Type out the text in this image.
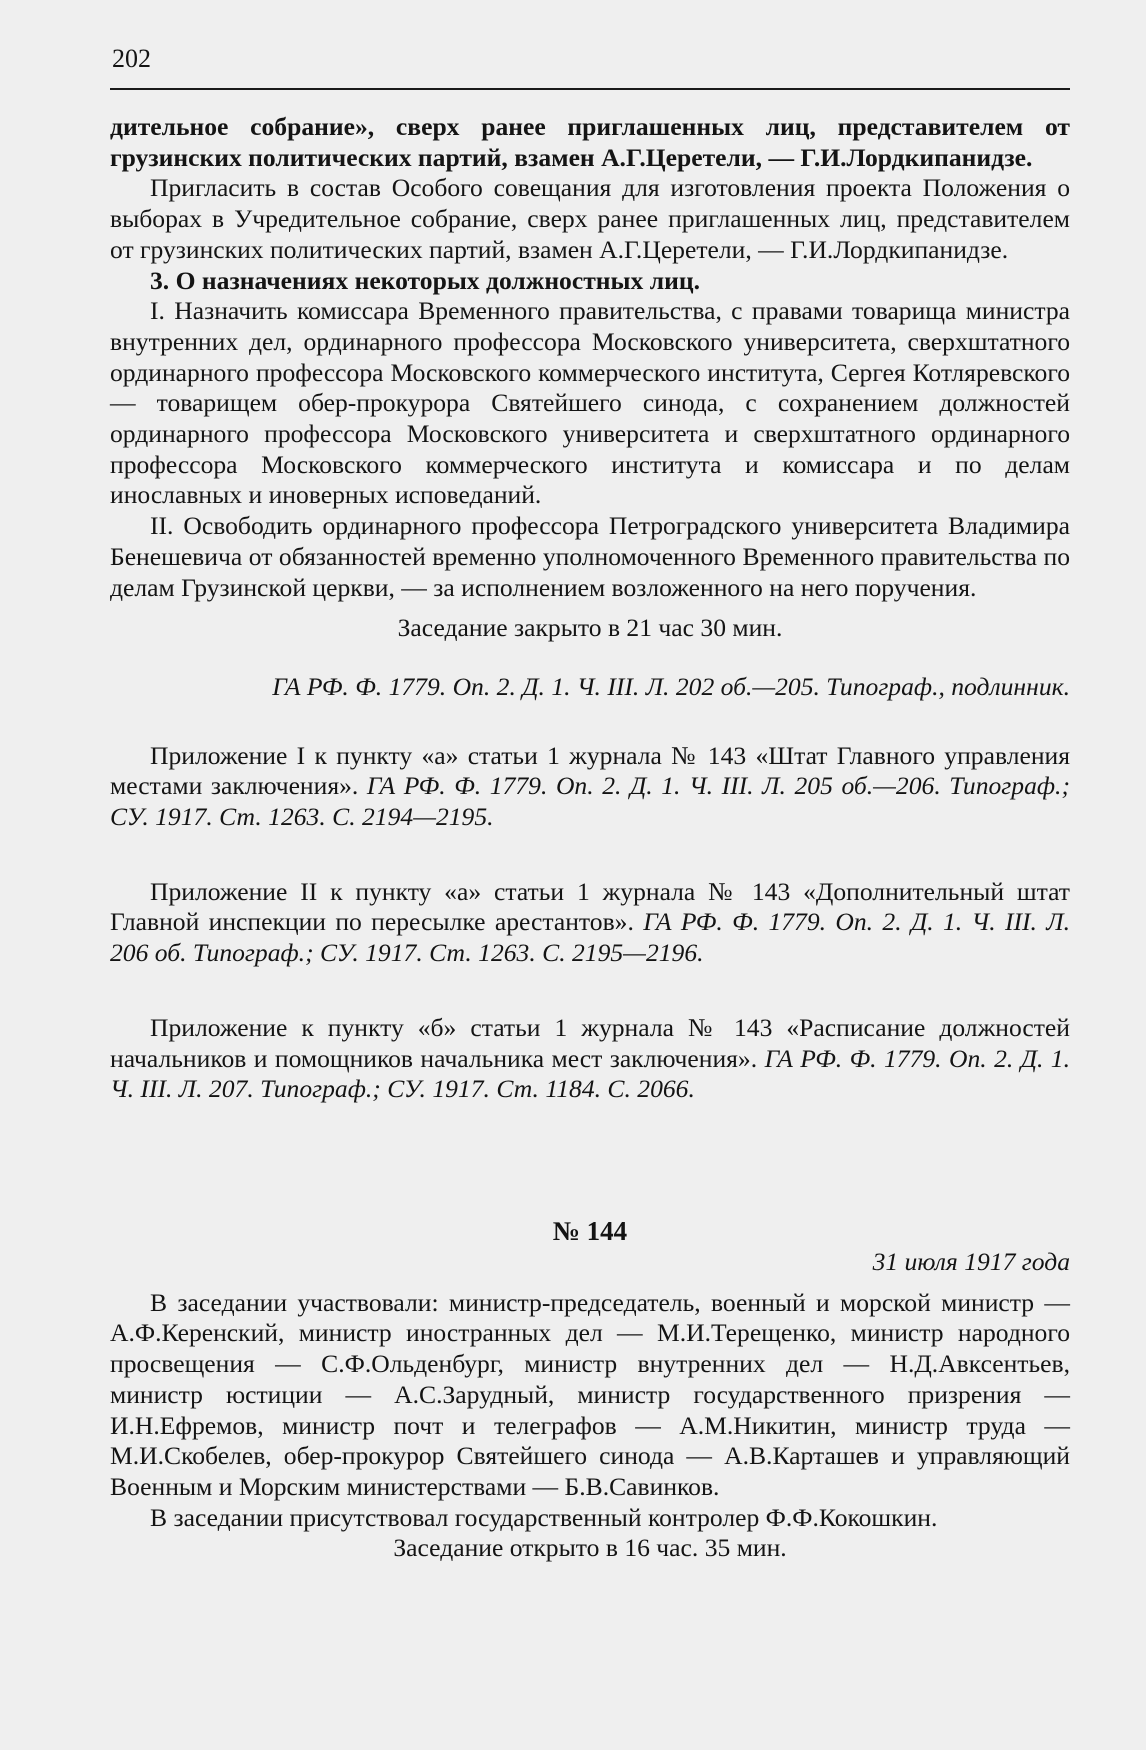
202

дительное собрание», сверх ранее приглашенных лиц, представителем от грузинских политических партий, взамен А.Г.Церетели, — Г.И.Лордкипанидзе.

Пригласить в состав Особого совещания для изготовления проекта Положения о выборах в Учредительное собрание, сверх ранее приглашенных лиц, представителем от грузинских политических партий, взамен А.Г.Церетели, — Г.И.Лордкипанидзе.

3. О назначениях некоторых должностных лиц.

I. Назначить комиссара Временного правительства, с правами товарища министра внутренних дел, ординарного профессора Московского университета, сверхштатного ординарного профессора Московского коммерческого института, Сергея Котляревского — товарищем обер-прокурора Святейшего синода, с сохранением должностей ординарного профессора Московского университета и сверхштатного ординарного профессора Московского коммерческого института и комиссара и по делам инославных и иноверных исповеданий.

II. Освободить ординарного профессора Петроградского университета Владимира Бенешевича от обязанностей временно уполномоченного Временного правительства по делам Грузинской церкви, — за исполнением возложенного на него поручения.

Заседание закрыто в 21 час 30 мин.

ГА РФ. Ф. 1779. Оп. 2. Д. 1. Ч. III. Л. 202 об.—205. Типограф., подлинник.

Приложение I к пункту «а» статьи 1 журнала № 143 «Штат Главного управления местами заключения». ГА РФ. Ф. 1779. Оп. 2. Д. 1. Ч. III. Л. 205 об.—206. Типограф.; СУ. 1917. Ст. 1263. С. 2194—2195.

Приложение II к пункту «а» статьи 1 журнала № 143 «Дополнительный штат Главной инспекции по пересылке арестантов». ГА РФ. Ф. 1779. Оп. 2. Д. 1. Ч. III. Л. 206 об. Типограф.; СУ. 1917. Ст. 1263. С. 2195—2196.

Приложение к пункту «б» статьи 1 журнала № 143 «Расписание должностей начальников и помощников начальника мест заключения». ГА РФ. Ф. 1779. Оп. 2. Д. 1. Ч. III. Л. 207. Типограф.; СУ. 1917. Ст. 1184. С. 2066.

№ 144

31 июля 1917 года

В заседании участвовали: министр-председатель, военный и морской министр — А.Ф.Керенский, министр иностранных дел — М.И.Терещенко, министр народного просвещения — С.Ф.Ольденбург, министр внутренних дел — Н.Д.Авксентьев, министр юстиции — А.С.Зарудный, министр государственного призрения — И.Н.Ефремов, министр почт и телеграфов — А.М.Никитин, министр труда — М.И.Скобелев, обер-прокурор Святейшего синода — А.В.Карташев и управляющий Военным и Морским министерствами — Б.В.Савинков.

В заседании присутствовал государственный контролер Ф.Ф.Кокошкин.

Заседание открыто в 16 час. 35 мин.
